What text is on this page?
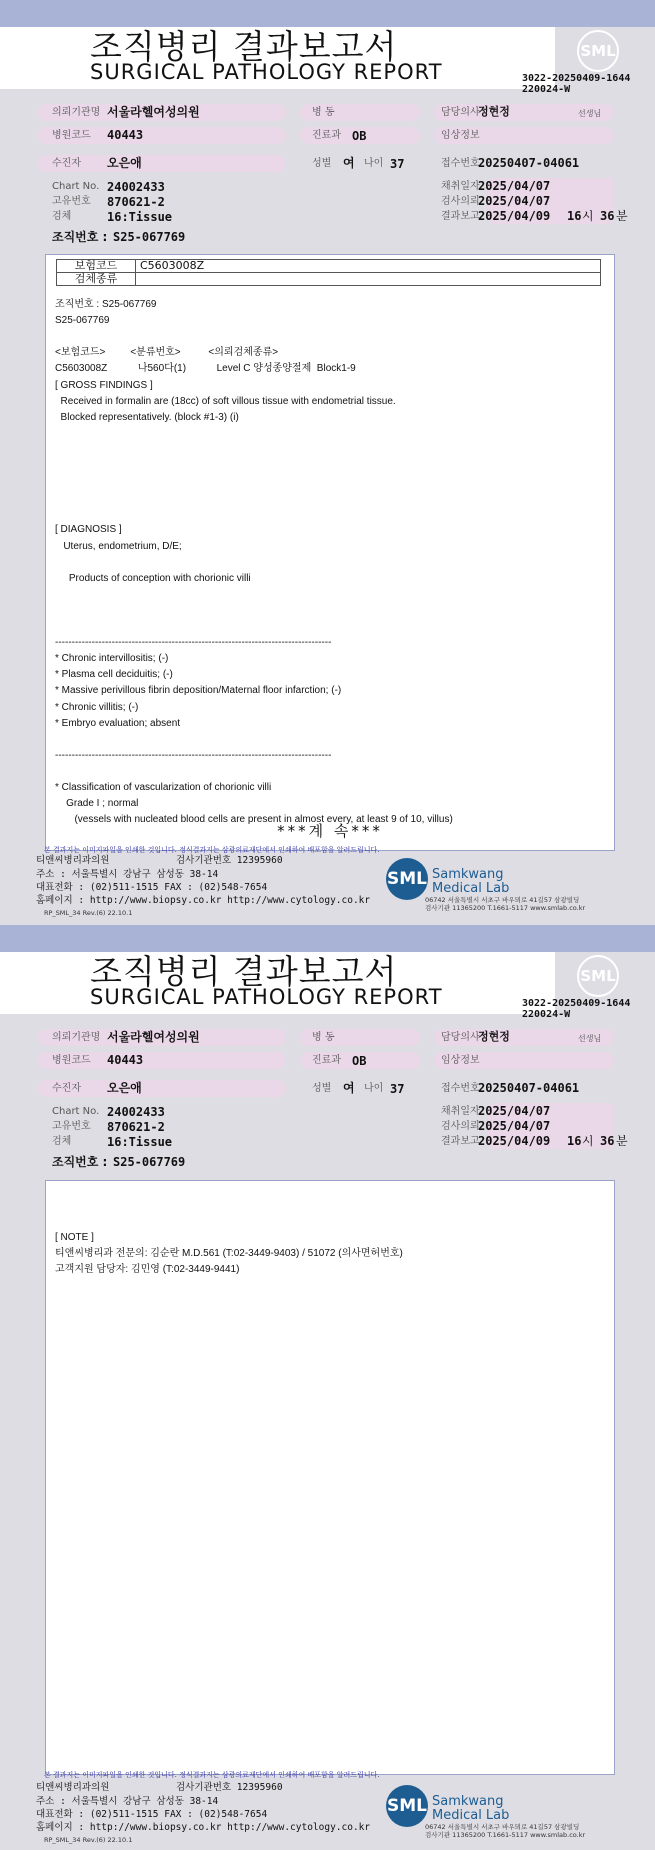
조직병리 결과보고서
SURGICAL PATHOLOGY REPORT
SML
3022-20250409-1644
220024-W
의뢰기관명 서울라헬여성의원	병 동	담당의사
정현정	선생님
병원코드 40443	진료과 OB	임상정보
수진자 오은애	성별 여 나이 37	접수번호
20250407-04061
Chart No. 24002433
고유번호 870621-2
검체	16:Tissue
채취일자
2025/04/07
검사의뢰
2025/04/07
결과보고
2025/04/09 16 시 36 분
조직번호 : S25-067769
보험코드	C5603008Z
검체종류	
조직번호 : S25-067769
S25-067769
<보험코드>         <분류번호>          <의뢰검체종류>
C5603008Z           나560다(1)           Level C 양성종양절제  Block1-9
[ GROSS FINDINGS ]
Received in formalin are (18cc) of soft villous tissue with endometrial tissue.
Blocked representatively. (block #1-3) (i)
[ DIAGNOSIS ]
Uterus, endometrium, D/E;
Products of conception with chorionic villi
-----------------------------------------------------------------------------------
* Chronic intervillositis; (-)
* Plasma cell deciduitis; (-)
* Massive perivillous fibrin deposition/Maternal floor infarction; (-)
* Chronic villitis; (-)
* Embryo evaluation; absent
-----------------------------------------------------------------------------------
* Classification of vascularization of chorionic villi
Grade I ; normal
(vessels with nucleated blood cells are present in almost every, at least 9 of 10, villus)
***계 속***
본 결과지는 이미지파일을 인쇄한 것입니다. 정식결과지는 삼광의료재단에서 인쇄하여 배포함을 알려드립니다.
티앤씨병리과의원	검사기관번호 12395960
주소 : 서울특별시 강남구 삼성동 38-14
대표전화 : (02)511-1515 FAX : (02)548-7654
홈페이지 : http://www.biopsy.co.kr http://www.cytology.co.kr
RP_SML_34 Rev.(6) 22.10.1
SML Samkwang
Medical Lab
06742 서울특별시 서초구 바우뫼로 41길57 삼광빌딩
검사기관 11365200 T.1661-5117 www.smlab.co.kr
조직병리 결과보고서
SURGICAL PATHOLOGY REPORT
SML
3022-20250409-1644
220024-W
의뢰기관명 서울라헬여성의원	병 동	담당의사
정현정	선생님
병원코드 40443	진료과 OB	임상정보
수진자 오은애	성별 여 나이 37	접수번호
20250407-04061
Chart No. 24002433
고유번호 870621-2
검체	16:Tissue
채취일자
2025/04/07
검사의뢰
2025/04/07
결과보고
2025/04/09 16 시 36 분
조직번호 : S25-067769
[ NOTE ]
티앤씨병리과 전문의: 김순란 M.D.561 (T:02-3449-9403) / 51072 (의사면허번호)
고객지원 담당자: 김민영 (T:02-3449-9441)
본 결과지는 이미지파일을 인쇄한 것입니다. 정식결과지는 삼광의료재단에서 인쇄하여 배포함을 알려드립니다.
티앤씨병리과의원	검사기관번호 12395960
주소 : 서울특별시 강남구 삼성동 38-14
대표전화 : (02)511-1515 FAX : (02)548-7654
홈페이지 : http://www.biopsy.co.kr http://www.cytology.co.kr
RP_SML_34 Rev.(6) 22.10.1
SML Samkwang
Medical Lab
06742 서울특별시 서초구 바우뫼로 41길57 삼광빌딩
검사기관 11365200 T.1661-5117 www.smlab.co.kr
